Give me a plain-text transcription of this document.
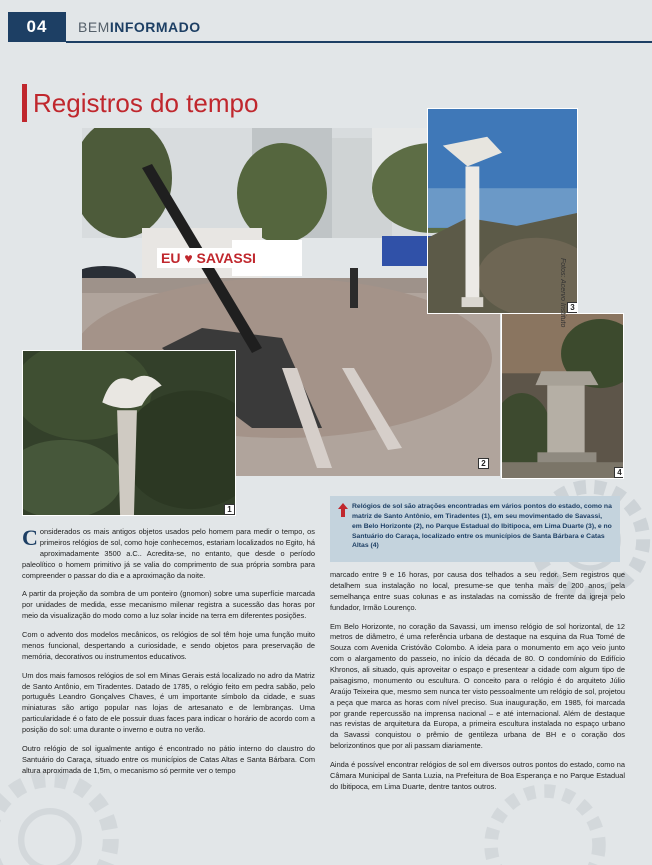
04	BEMINFORMADO
Registros do tempo
EU ♥ SAVASSI
2
1
3
4
Fotos: Acervo Instituto
Relógios de sol são atrações encontradas em vários pontos do estado, como na matriz de Santo Antônio, em Tiradentes (1), em seu movimentado de Savassi, em Belo Horizonte (2), no Parque Estadual do Ibitipoca, em Lima Duarte (3), e no Santuário do Caraça, localizado entre os municípios de Santa Bárbara e Catas Altas (4)

Considerados os mais antigos objetos usados pelo homem para medir o tempo, os primeiros relógios de sol, como hoje conhecemos, estariam localizados no Egito, há aproximadamente 3500 a.C.. Acredita-se, no entanto, que desde o período paleolítico o homem primitivo já se valia do comprimento de sua própria sombra para compreender o passar do dia e a aproximação da noite.

A partir da projeção da sombra de um ponteiro (gnomon) sobre uma superfície marcada por unidades de medida, esse mecanismo milenar registra a sucessão das horas por meio da visualização do modo como a luz solar incide na terra em diferentes posições.

Com o advento dos modelos mecânicos, os relógios de sol têm hoje uma função muito menos funcional, despertando a curiosidade, e sendo objetos para preservação de memória, decorativos ou instrumentos educativos.

Um dos mais famosos relógios de sol em Minas Gerais está localizado no adro da Matriz de Santo Antônio, em Tiradentes. Datado de 1785, o relógio feito em pedra sabão, pelo português Leandro Gonçalves Chaves, é um importante símbolo da cidade, e suas miniaturas são artigo popular nas lojas de artesanato e de lembranças. Uma particularidade é o fato de ele possuir duas faces para indicar o horário de acordo com a posição do sol: uma durante o inverno e outra no verão.

Outro relógio de sol igualmente antigo é encontrado no pátio interno do claustro do Santuário do Caraça, situado entre os municípios de Catas Altas e Santa Bárbara. Com altura aproximada de 1,5m, o mecanismo só permite ver o tempo

marcado entre 9 e 16 horas, por causa dos telhados a seu redor. Sem registros que detalhem sua instalação no local, presume-se que tenha mais de 200 anos, pela semelhança entre suas colunas e as instaladas na comissão de frente da igreja pelo fundador, Irmão Lourenço.

Em Belo Horizonte, no coração da Savassi, um imenso relógio de sol horizontal, de 12 metros de diâmetro, é uma referência urbana de destaque na esquina da Rua Tomé de Souza com Avenida Cristóvão Colombo. A ideia para o monumento em aço veio junto com o alargamento do passeio, no início da década de 80. O condomínio do Edifício Khronos, ali situado, quis aproveitar o espaço e presentear a cidade com algum tipo de paisagismo, monumento ou escultura. O conceito para o relógio é do arquiteto Júlio Araújo Teixeira que, mesmo sem nunca ter visto pessoalmente um relógio de sol, projetou a peça que marca as horas com nível preciso. Sua inauguração, em 1985, foi marcada por grande repercussão na imprensa nacional – e até internacional. Além de destaque nas revistas de arquitetura da Europa, a primeira escultura instalada no espaço urbano da Savassi conquistou o prêmio de gentileza urbana de BH e o coração dos belorizontinos que por ali passam diariamente.

Ainda é possível encontrar relógios de sol em diversos outros pontos do estado, como na Câmara Municipal de Santa Luzia, na Prefeitura de Boa Esperança e no Parque Estadual do Ibitipoca, em Lima Duarte, dentre tantos outros.
